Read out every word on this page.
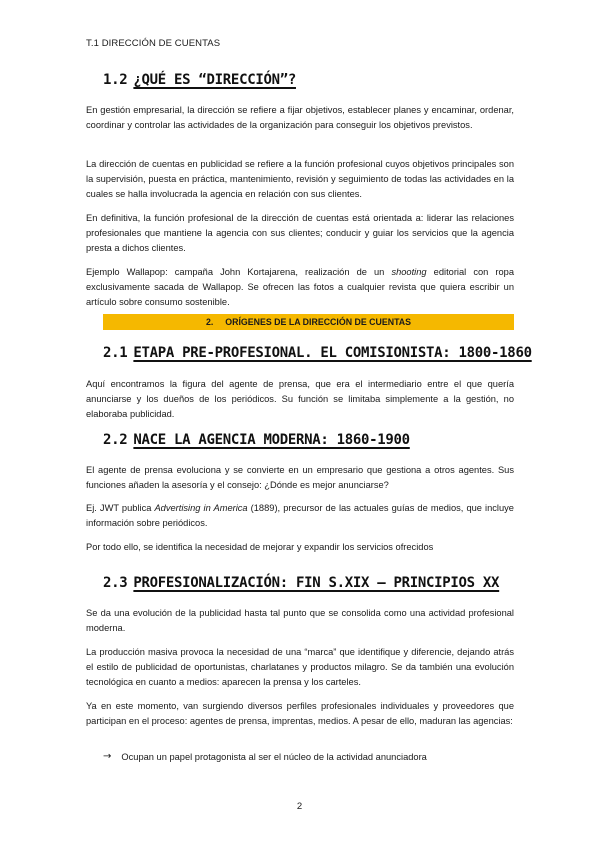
T.1 DIRECCIÓN DE CUENTAS
1.2 ¿QUÉ ES “DIRECCIÓN”?

En gestión empresarial, la dirección se refiere a fijar objetivos, establecer planes y encaminar, ordenar, coordinar y controlar las actividades de la organización para conseguir los objetivos previstos.

La dirección de cuentas en publicidad se refiere a la función profesional cuyos objetivos principales son la supervisión, puesta en práctica, mantenimiento, revisión y seguimiento de todas las actividades en la cuales se halla involucrada la agencia en relación con sus clientes.

En definitiva, la función profesional de la dirección de cuentas está orientada a: liderar las relaciones profesionales que mantiene la agencia con sus clientes; conducir y guiar los servicios que la agencia presta a dichos clientes.

Ejemplo Wallapop: campaña John Kortajarena, realización de un shooting editorial con ropa exclusivamente sacada de Wallapop. Se ofrecen las fotos a cualquier revista que quiera escribir un artículo sobre consumo sostenible.

2. ORÍGENES DE LA DIRECCIÓN DE CUENTAS
2.1 ETAPA PRE-PROFESIONAL. EL COMISIONISTA: 1800-1860

Aquí encontramos la figura del agente de prensa, que era el intermediario entre el que quería anunciarse y los dueños de los periódicos. Su función se limitaba simplemente a la gestión, no elaboraba publicidad.

2.2 NACE LA AGENCIA MODERNA: 1860-1900

El agente de prensa evoluciona y se convierte en un empresario que gestiona a otros agentes. Sus funciones añaden la asesoría y el consejo: ¿Dónde es mejor anunciarse?

Ej. JWT publica Advertising in America (1889), precursor de las actuales guías de medios, que incluye información sobre periódicos.

Por todo ello, se identifica la necesidad de mejorar y expandir los servicios ofrecidos

2.3 PROFESIONALIZACIÓN: FIN S.XIX — PRINCIPIOS XX

Se da una evolución de la publicidad hasta tal punto que se consolida como una actividad profesional moderna.

La producción masiva provoca la necesidad de una “marca” que identifique y diferencie, dejando atrás el estilo de publicidad de oportunistas, charlatanes y productos milagro. Se da también una evolución tecnológica en cuanto a medios: aparecen la prensa y los carteles.

Ya en este momento, van surgiendo diversos perfiles profesionales individuales y proveedores que participan en el proceso: agentes de prensa, imprentas, medios. A pesar de ello, maduran las agencias:

→ Ocupan un papel protagonista al ser el núcleo de la actividad anunciadora
2
